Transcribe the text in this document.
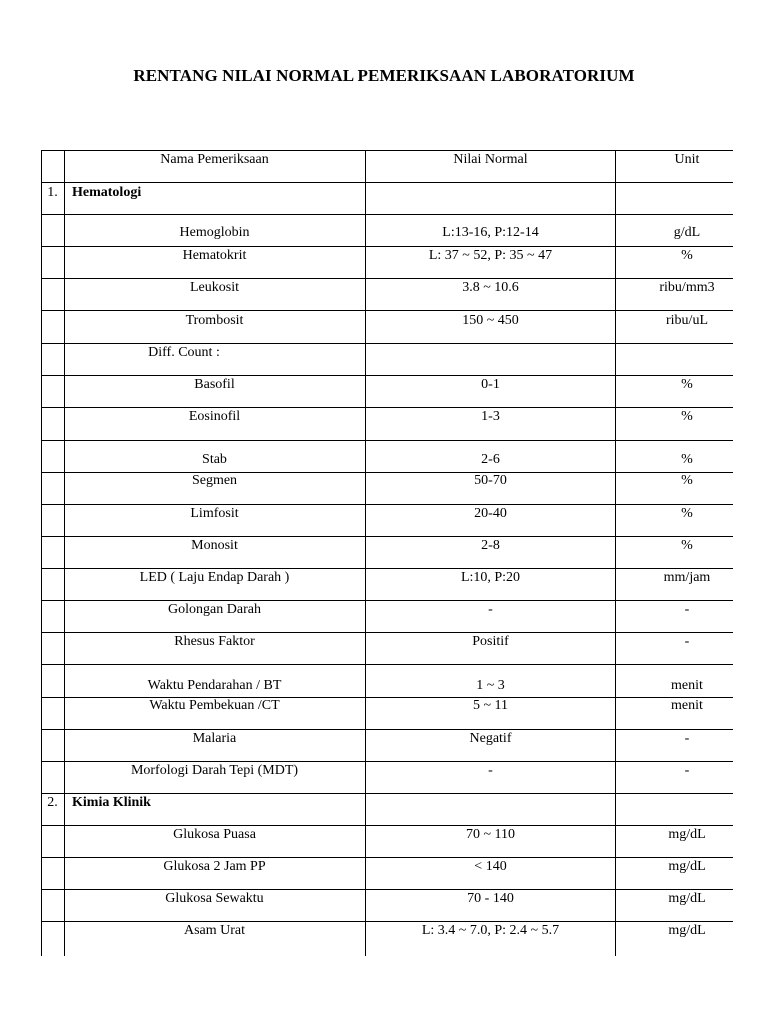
RENTANG NILAI NORMAL PEMERIKSAAN LABORATORIUM
Nama Pemeriksaan	Nilai Normal	Unit
1.	Hematologi
Hemoglobin	L:13-16, P:12-14	g/dL
Hematokrit	L: 37 ~ 52, P: 35 ~ 47	%
Leukosit	3.8 ~ 10.6	ribu/mm3
Trombosit	150 ~ 450	ribu/uL
Diff. Count :
Basofil	0-1	%
Eosinofil	1-3	%
Stab	2-6	%
Segmen	50-70	%
Limfosit	20-40	%
Monosit	2-8	%
LED ( Laju Endap Darah )	L:10, P:20	mm/jam
Golongan Darah	-	-
Rhesus Faktor	Positif	-
Waktu Pendarahan / BT	1 ~ 3	menit
Waktu Pembekuan /CT	5 ~ 11	menit
Malaria	Negatif	-
Morfologi Darah Tepi (MDT)	-	-
2.	Kimia Klinik
Glukosa Puasa	70 ~ 110	mg/dL
Glukosa 2 Jam PP	< 140	mg/dL
Glukosa Sewaktu	70 - 140	mg/dL
Asam Urat	L: 3.4 ~ 7.0, P: 2.4 ~ 5.7	mg/dL
